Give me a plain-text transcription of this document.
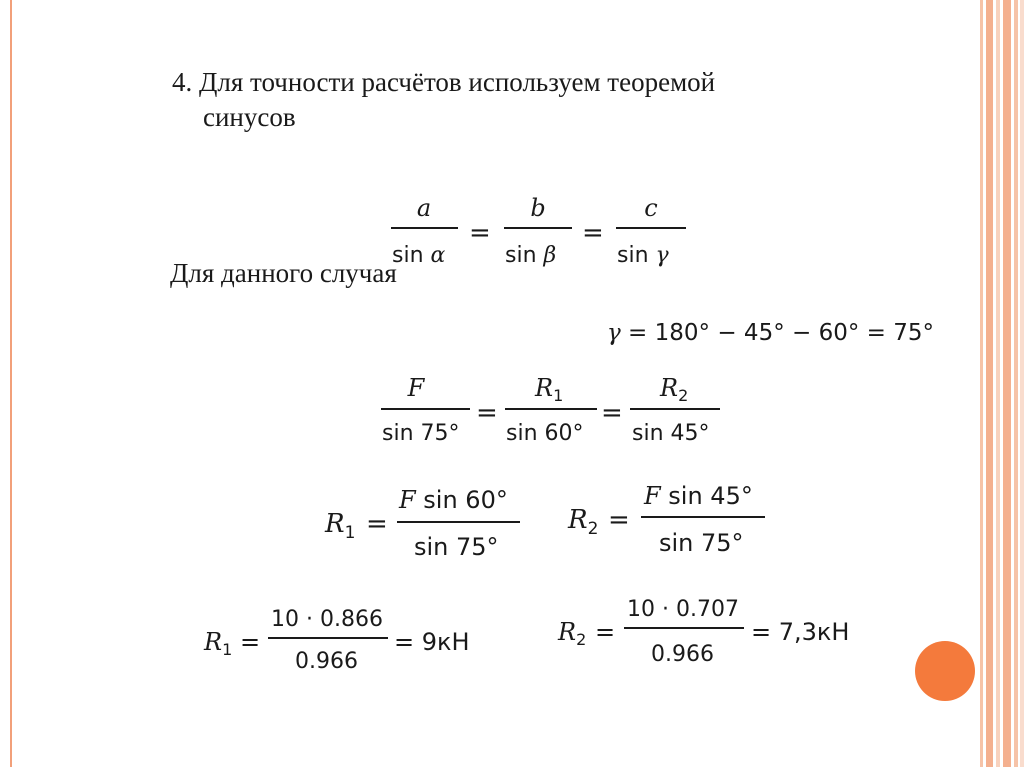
4. Для точности расчётов используем теоремой
синусов
a
sin α
=
b
sin β
=
c
sin γ
γ = 180° − 45° − 60° = 75°
F
sin 75°
=
$R_1$
sin 60°
=
$R_2$
sin 45°
$R_1$ =
F sin 60°
sin 75°
$R_2$ =
F sin 45°
sin 75°
$R_1$ =
10 · 0.866
0.966
= 9кН	$R_2$ =
10 · 0.707
0.966
= 7,3кН
Для данного случая
